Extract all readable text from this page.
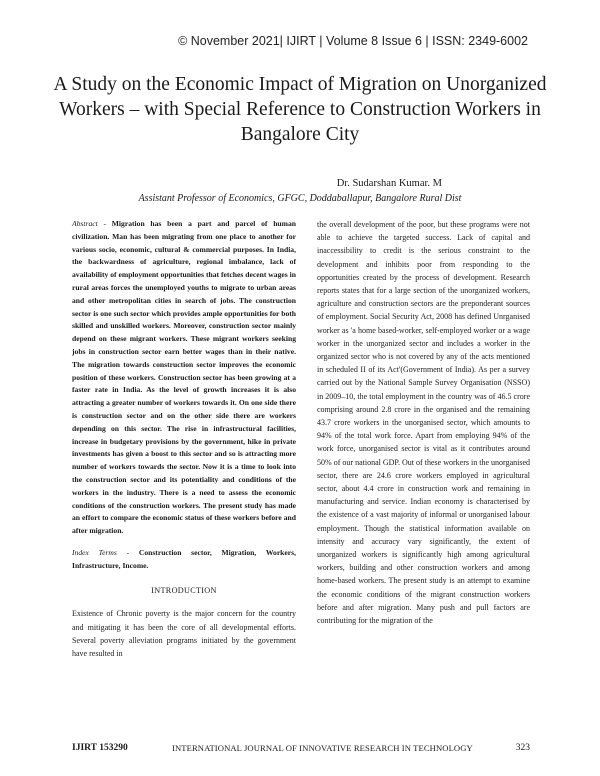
© November 2021| IJIRT | Volume 8 Issue 6 | ISSN: 2349-6002
A Study on the Economic Impact of Migration on Unorganized Workers – with Special Reference to Construction Workers in Bangalore City
Dr. Sudarshan Kumar. M
Assistant Professor of Economics, GFGC, Doddaballapur, Bangalore Rural Dist
Abstract - Migration has been a part and parcel of human civilization. Man has been migrating from one place to another for various socio, economic, cultural & commercial purposes. In India, the backwardness of agriculture, regional imbalance, lack of availability of employment opportunities that fetches decent wages in rural areas forces the unemployed youths to migrate to urban areas and other metropolitan cities in search of jobs. The construction sector is one such sector which provides ample opportunities for both skilled and unskilled workers. Moreover, construction sector mainly depend on these migrant workers. These migrant workers seeking jobs in construction sector earn better wages than in their native. The migration towards construction sector improves the economic position of these workers. Construction sector has been growing at a faster rate in India. As the level of growth increases it is also attracting a greater number of workers towards it. On one side there is construction sector and on the other side there are workers depending on this sector. The rise in infrastructural facilities, increase in budgetary provisions by the government, hike in private investments has given a boost to this sector and so is attracting more number of workers towards the sector. Now it is a time to look into the construction sector and its potentiality and conditions of the workers in the industry. There is a need to assess the economic conditions of the construction workers. The present study has made an effort to compare the economic status of these workers before and after migration.
Index Terms - Construction sector, Migration, Workers, Infrastructure, Income.
INTRODUCTION
Existence of Chronic poverty is the major concern for the country and mitigating it has been the core of all developmental efforts. Several poverty alleviation programs initiated by the government have resulted in
the overall development of the poor, but these programs were not able to achieve the targeted success. Lack of capital and inaccessibility to credit is the serious constraint to the development and inhibits poor from responding to the opportunities created by the process of development. Research reports states that for a large section of the unorganized workers, agriculture and construction sectors are the preponderant sources of employment. Social Security Act, 2008 has defined Unrganised worker as 'a home based-worker, self-employed worker or a wage worker in the unorganized sector and includes a worker in the organized sector who is not covered by any of the acts mentioned in scheduled II of its Act'(Government of India). As per a survey carried out by the National Sample Survey Organisation (NSSO) in 2009–10, the total employment in the country was of 46.5 crore comprising around 2.8 crore in the organised and the remaining 43.7 crore workers in the unorganised sector, which amounts to 94% of the total work force. Apart from employing 94% of the work force, unorganised sector is vital as it contributes around 50% of our national GDP. Out of these workers in the unorganised sector, there are 24.6 crore workers employed in agricultural sector, about 4.4 crore in construction work and remaining in manufacturing and service. Indian economy is characterised by the existence of a vast majority of informal or unorganised labour employment. Though the statistical information available on intensity and accuracy vary significantly, the extent of unorganized workers is significantly high among agricultural workers, building and other construction workers and among home-based workers. The present study is an attempt to examine the economic conditions of the migrant construction workers before and after migration. Many push and pull factors are contributing for the migration of the
IJIRT 153290	INTERNATIONAL JOURNAL OF INNOVATIVE RESEARCH IN TECHNOLOGY	323
